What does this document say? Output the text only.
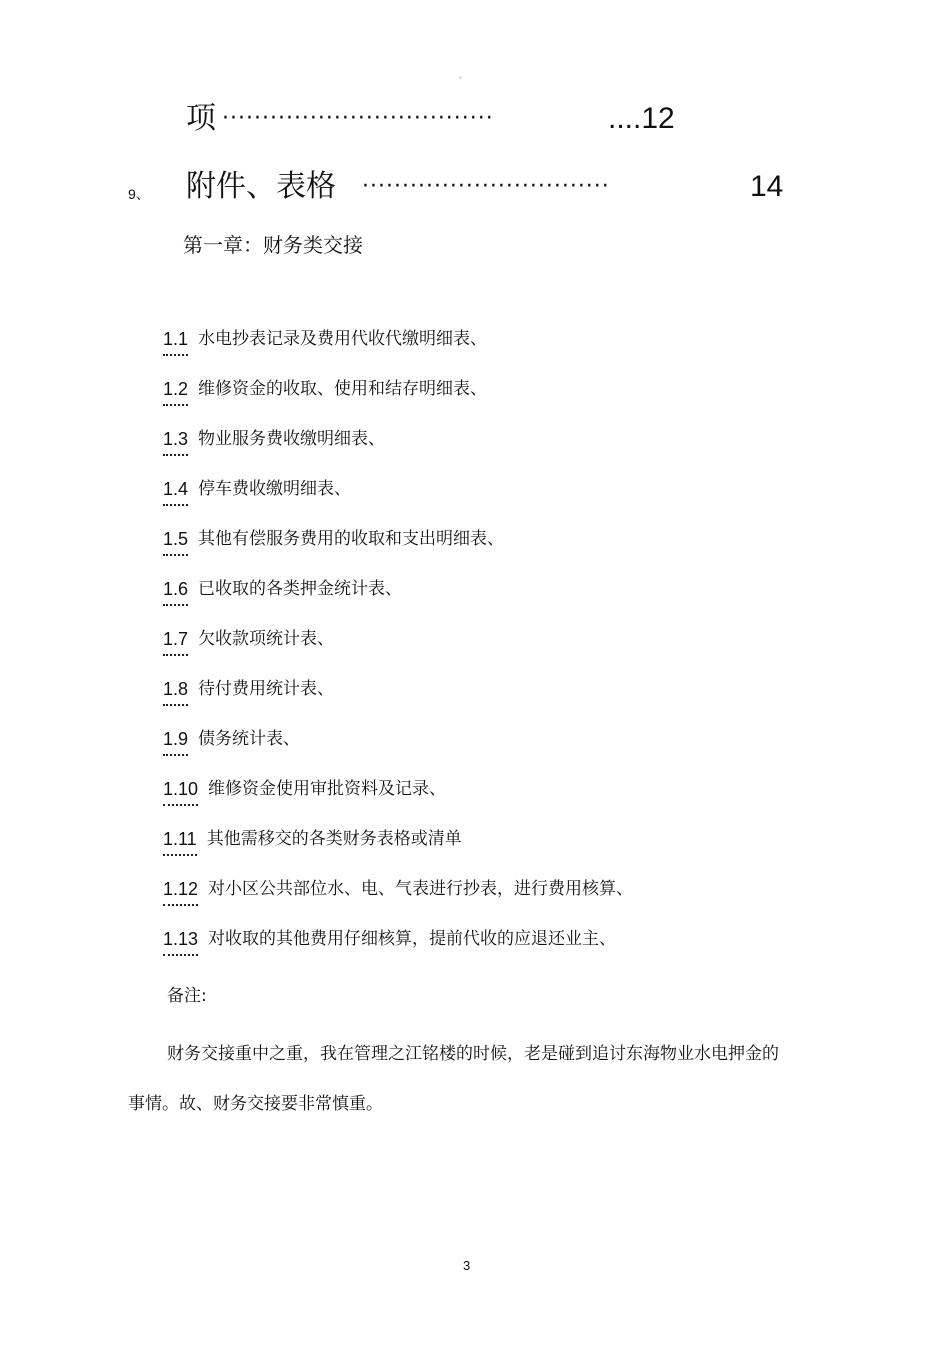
。
项 ··································	....12
9、 附件、表格 ·······························	14
第一章：财务类交接
1.1 水电抄表记录及费用代收代缴明细表、
1.2 维修资金的收取、使用和结存明细表、
1.3 物业服务费收缴明细表、
1.4 停车费收缴明细表、
1.5 其他有偿服务费用的收取和支出明细表、
1.6 已收取的各类押金统计表、
1.7 欠收款项统计表、
1.8 待付费用统计表、
1.9 债务统计表、
1.10 维修资金使用审批资料及记录、
1.11 其他需移交的各类财务表格或清单
1.12 对小区公共部位水、电、气表进行抄表，进行费用核算、
1.13 对收取的其他费用仔细核算，提前代收的应退还业主、
备注:

财务交接重中之重，我在管理之江铭楼的时候，老是碰到追讨东海物业水电押金的事情。故、财务交接要非常慎重。

3
